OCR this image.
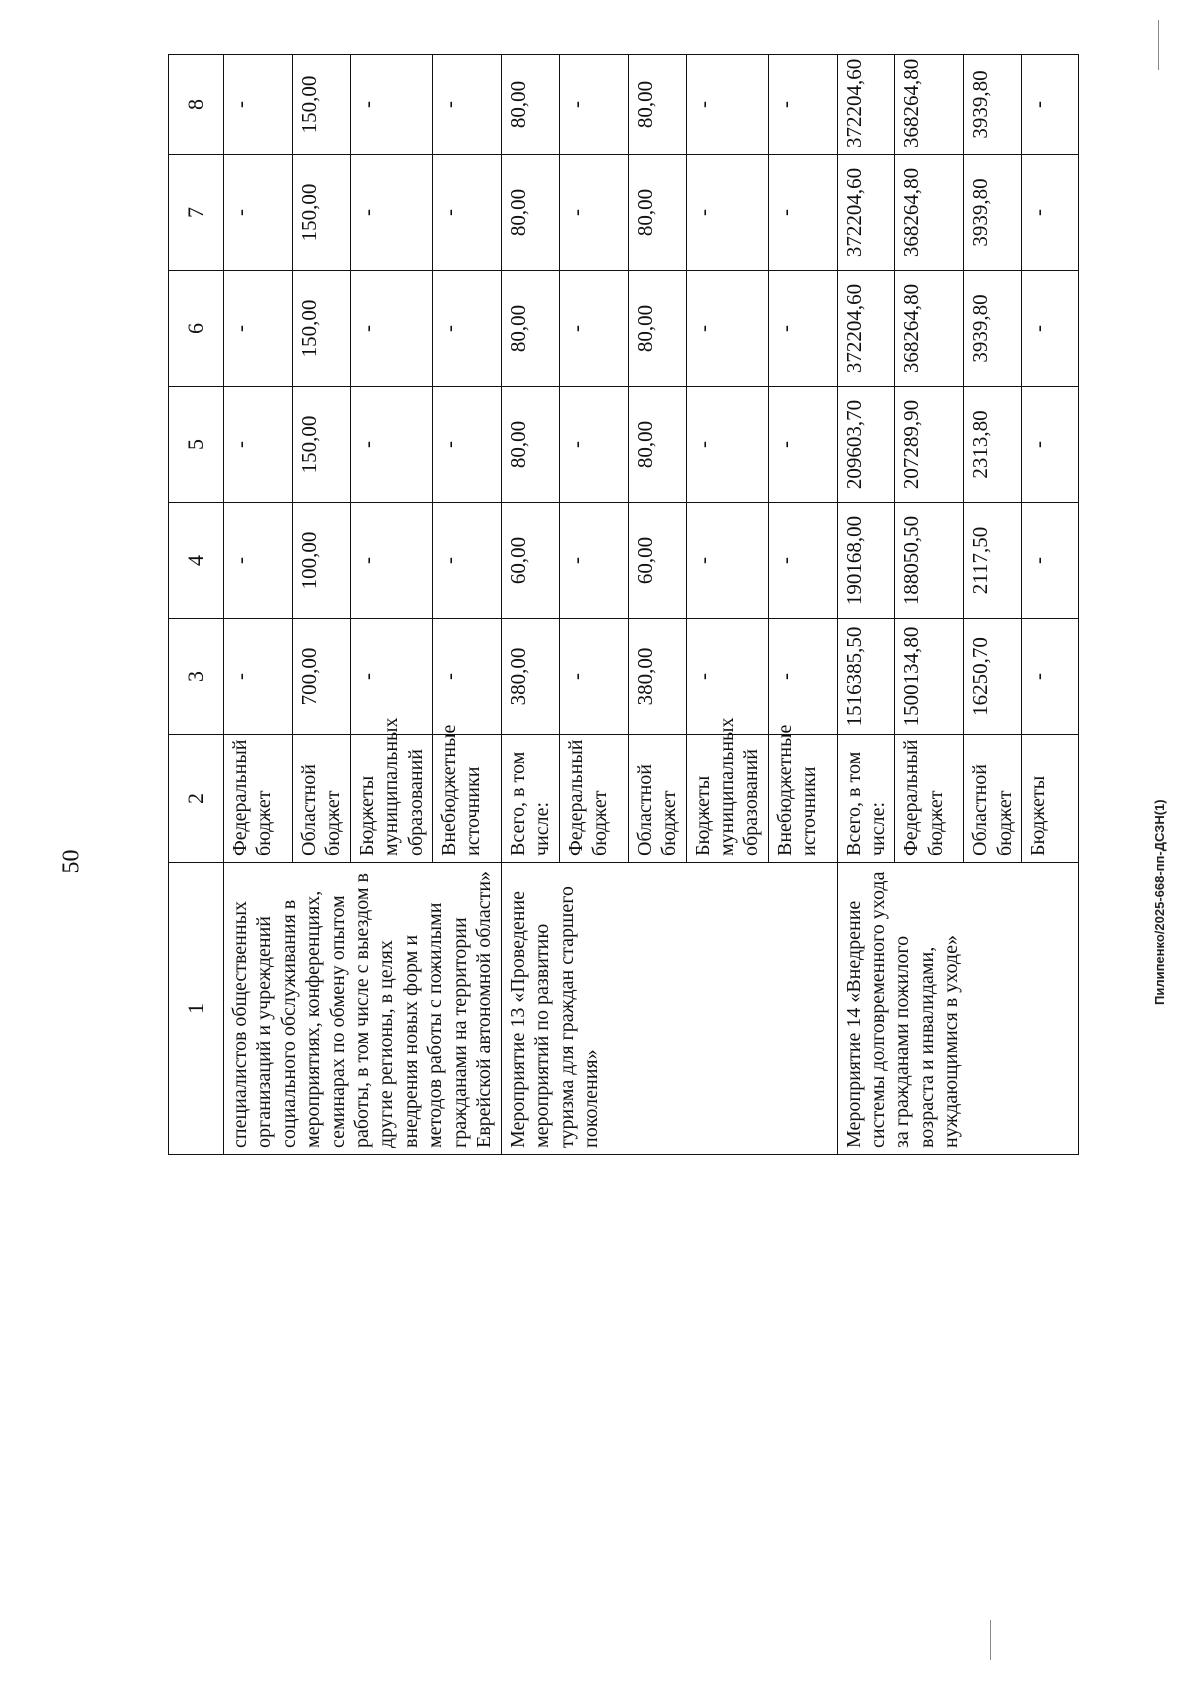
50	Пилипенко/2025-668-пп-ДСЗН(1)
1	2	3	4	5	6	7	8
специалистов общественных организаций и учреждений социального обслуживания в мероприятиях, конференциях, семинарах по обмену опытом работы, в том числе с выездом в другие регионы, в целях внедрения новых форм и методов работы с пожилыми гражданами на территории Еврейской автономной области»	Федеральный бюджет	-	-	-	-	-	-
	Областной бюджет	700,00	100,00	150,00	150,00	150,00	150,00
	Бюджеты муниципальных образований	-	-	-	-	-	-
	Внебюджетные источники	-	-	-	-	-	-
Мероприятие 13 «Проведение мероприятий по развитию туризма для граждан старшего поколения»	Всего, в том числе:	380,00	60,00	80,00	80,00	80,00	80,00
	Федеральный бюджет	-	-	-	-	-	-
	Областной бюджет	380,00	60,00	80,00	80,00	80,00	80,00
	Бюджеты муниципальных образований	-	-	-	-	-	-
	Внебюджетные источники	-	-	-	-	-	-
Мероприятие 14 «Внедрение системы долговременного ухода за гражданами пожилого возраста и инвалидами, нуждающимися в уходе»	Всего, в том числе:	1516385,50	190168,00	209603,70	372204,60	372204,60	372204,60
	Федеральный бюджет	1500134,80	188050,50	207289,90	368264,80	368264,80	368264,80
	Областной бюджет	16250,70	2117,50	2313,80	3939,80	3939,80	3939,80
	Бюджеты	-	-	-	-	-	-
